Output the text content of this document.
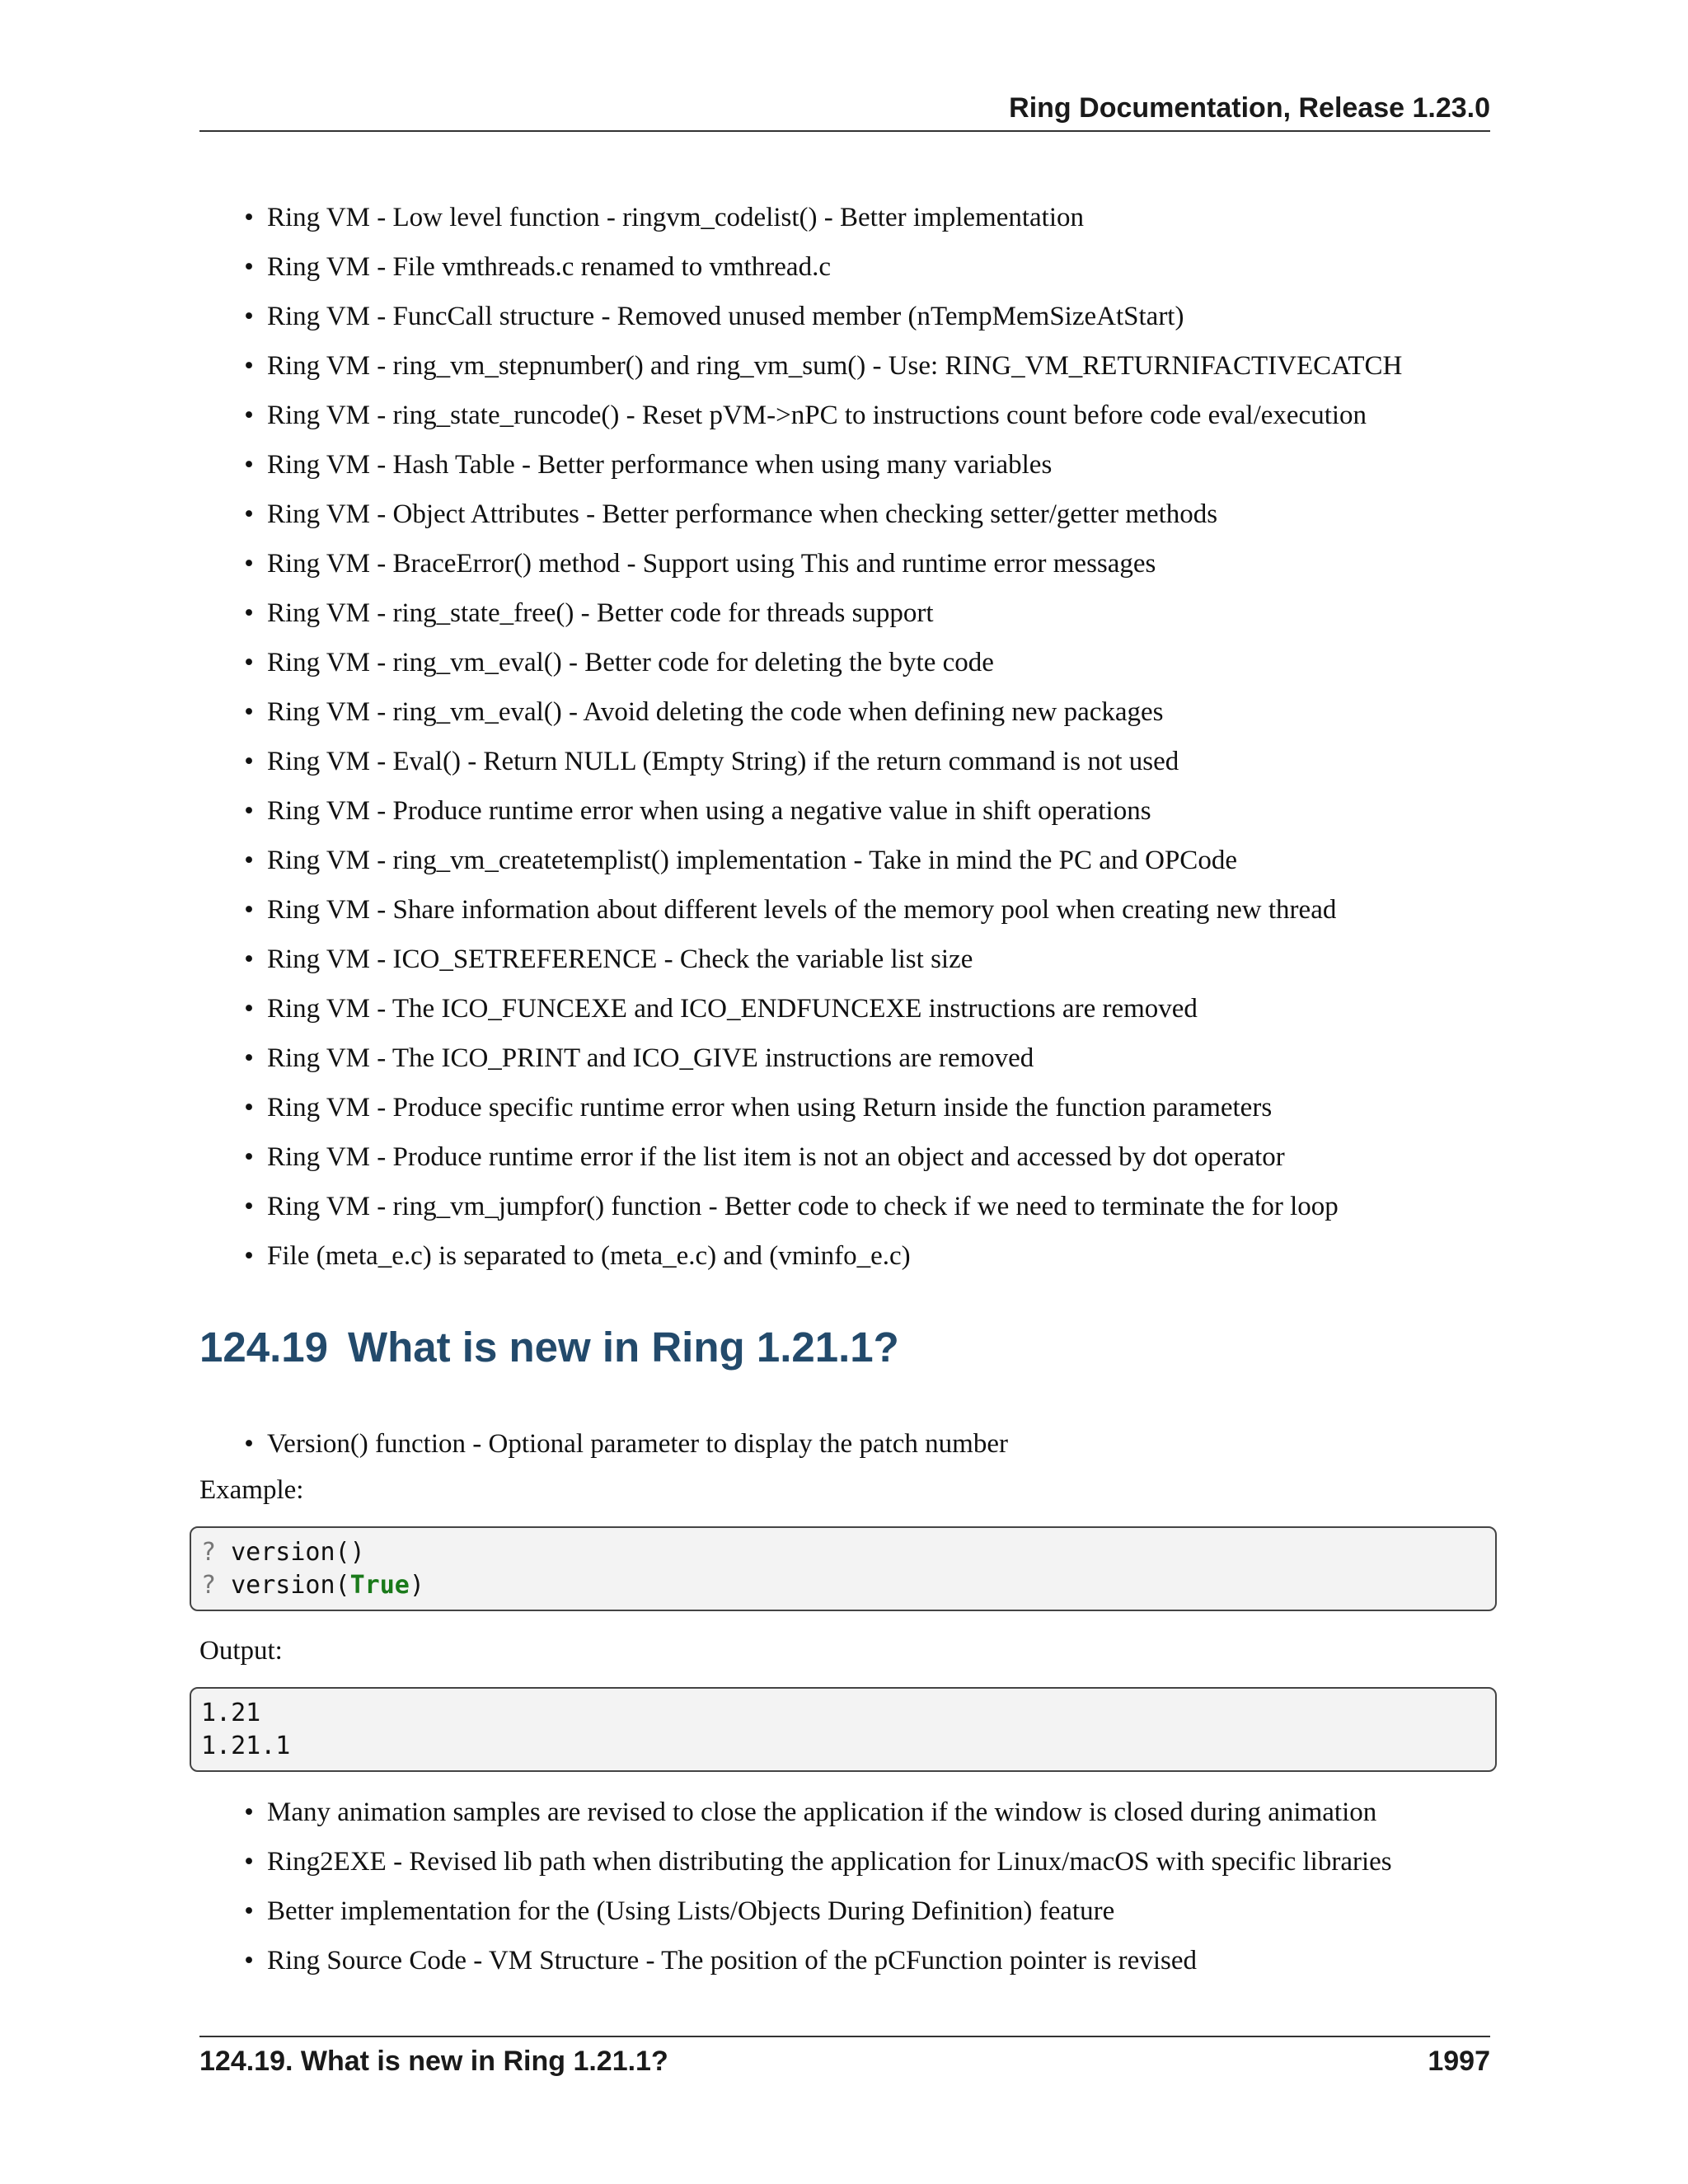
Ring Documentation, Release 1.23.0
• Ring VM - Low level function - ringvm_codelist() - Better implementation
• Ring VM - File vmthreads.c renamed to vmthread.c
• Ring VM - FuncCall structure - Removed unused member (nTempMemSizeAtStart)
• Ring VM - ring_vm_stepnumber() and ring_vm_sum() - Use: RING_VM_RETURNIFACTIVECATCH
• Ring VM - ring_state_runcode() - Reset pVM->nPC to instructions count before code eval/execution
• Ring VM - Hash Table - Better performance when using many variables
• Ring VM - Object Attributes - Better performance when checking setter/getter methods
• Ring VM - BraceError() method - Support using This and runtime error messages
• Ring VM - ring_state_free() - Better code for threads support
• Ring VM - ring_vm_eval() - Better code for deleting the byte code
• Ring VM - ring_vm_eval() - Avoid deleting the code when defining new packages
• Ring VM - Eval() - Return NULL (Empty String) if the return command is not used
• Ring VM - Produce runtime error when using a negative value in shift operations
• Ring VM - ring_vm_createtemplist() implementation - Take in mind the PC and OPCode
• Ring VM - Share information about different levels of the memory pool when creating new thread
• Ring VM - ICO_SETREFERENCE - Check the variable list size
• Ring VM - The ICO_FUNCEXE and ICO_ENDFUNCEXE instructions are removed
• Ring VM - The ICO_PRINT and ICO_GIVE instructions are removed
• Ring VM - Produce specific runtime error when using Return inside the function parameters
• Ring VM - Produce runtime error if the list item is not an object and accessed by dot operator
• Ring VM - ring_vm_jumpfor() function - Better code to check if we need to terminate the for loop
• File (meta_e.c) is separated to (meta_e.c) and (vminfo_e.c)
124.19 What is new in Ring 1.21.1?
• Version() function - Optional parameter to display the patch number
Example:
? version()
? version(True)
Output:
1.21
1.21.1
• Many animation samples are revised to close the application if the window is closed during animation
• Ring2EXE - Revised lib path when distributing the application for Linux/macOS with specific libraries
• Better implementation for the (Using Lists/Objects During Definition) feature
• Ring Source Code - VM Structure - The position of the pCFunction pointer is revised
124.19. What is new in Ring 1.21.1?	1997
